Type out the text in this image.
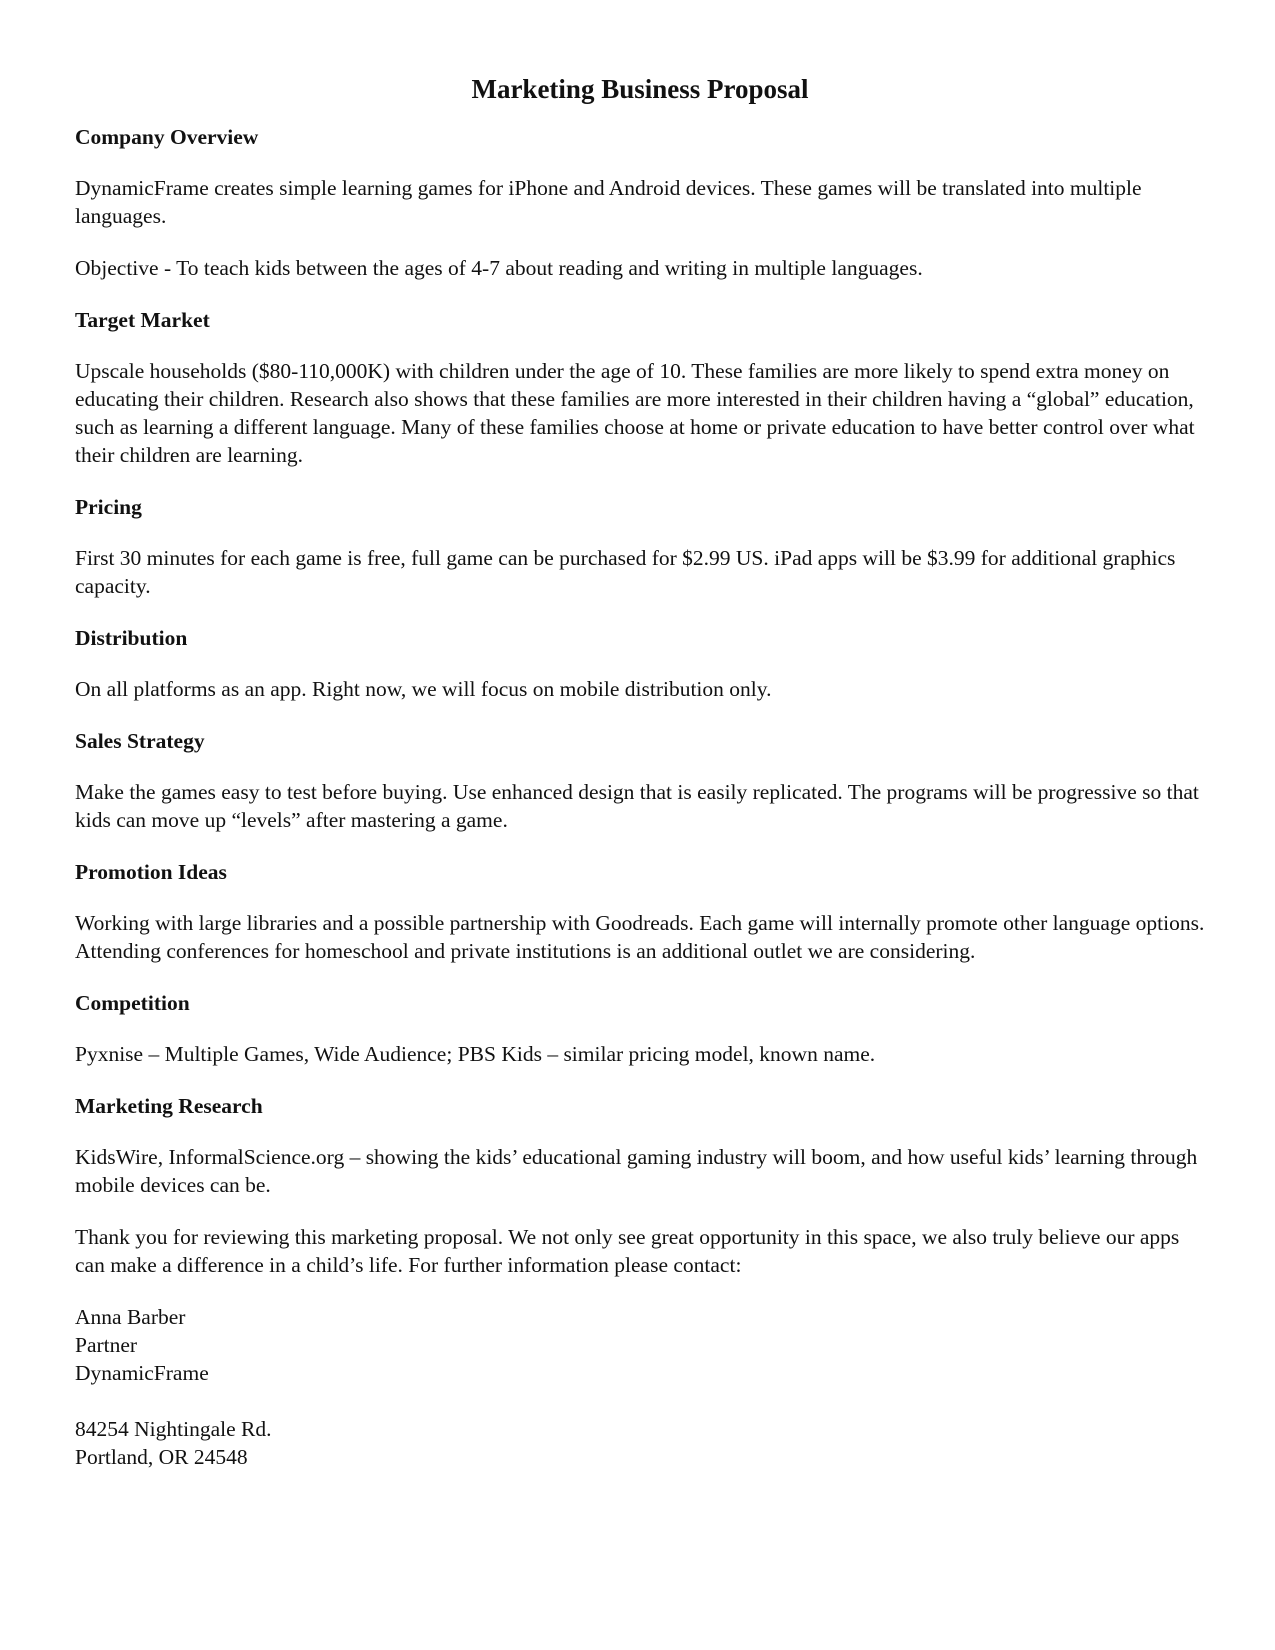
Marketing Business Proposal
Company Overview

DynamicFrame creates simple learning games for iPhone and Android devices. These games will be translated into multiple languages.

Objective - To teach kids between the ages of 4-7 about reading and writing in multiple languages.

Target Market

Upscale households ($80-110,000K) with children under the age of 10. These families are more likely to spend extra money on educating their children. Research also shows that these families are more interested in their children having a “global” education, such as learning a different language. Many of these families choose at home or private education to have better control over what their children are learning.

Pricing

First 30 minutes for each game is free, full game can be purchased for $2.99 US. iPad apps will be $3.99 for additional graphics capacity.

Distribution

On all platforms as an app. Right now, we will focus on mobile distribution only.

Sales Strategy

Make the games easy to test before buying. Use enhanced design that is easily replicated. The programs will be progressive so that kids can move up “levels” after mastering a game.

Promotion Ideas

Working with large libraries and a possible partnership with Goodreads. Each game will internally promote other language options. Attending conferences for homeschool and private institutions is an additional outlet we are considering.

Competition

Pyxnise – Multiple Games, Wide Audience; PBS Kids – similar pricing model, known name.

Marketing Research

KidsWire, InformalScience.org – showing the kids’ educational gaming industry will boom, and how useful kids’ learning through mobile devices can be.

Thank you for reviewing this marketing proposal. We not only see great opportunity in this space, we also truly believe our apps can make a difference in a child’s life. For further information please contact:

Anna Barber
Partner
DynamicFrame
84254 Nightingale Rd.
Portland, OR 24548
